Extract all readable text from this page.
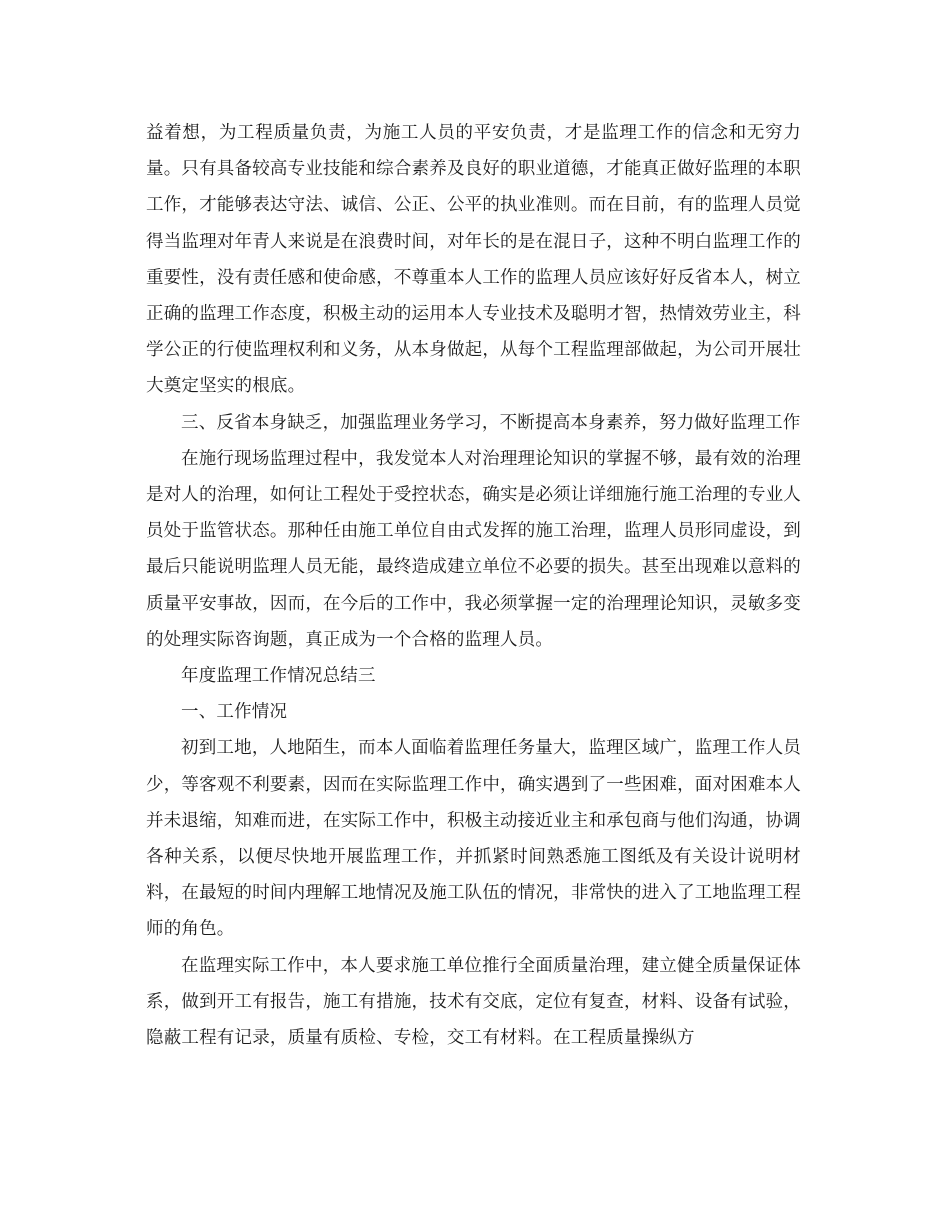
益着想，为工程质量负责，为施工人员的平安负责，才是监理工作的信念和无穷力量。只有具备较高专业技能和综合素养及良好的职业道德，才能真正做好监理的本职工作，才能够表达守法、诚信、公正、公平的执业准则。而在目前，有的监理人员觉得当监理对年青人来说是在浪费时间，对年长的是在混日子，这种不明白监理工作的重要性，没有责任感和使命感，不尊重本人工作的监理人员应该好好反省本人，树立正确的监理工作态度，积极主动的运用本人专业技术及聪明才智，热情效劳业主，科学公正的行使监理权利和义务，从本身做起，从每个工程监理部做起，为公司开展壮大奠定坚实的根底。

三、反省本身缺乏，加强监理业务学习，不断提高本身素养，努力做好监理工作

在施行现场监理过程中，我发觉本人对治理理论知识的掌握不够，最有效的治理是对人的治理，如何让工程处于受控状态，确实是必须让详细施行施工治理的专业人员处于监管状态。那种任由施工单位自由式发挥的施工治理，监理人员形同虚设，到最后只能说明监理人员无能，最终造成建立单位不必要的损失。甚至出现难以意料的质量平安事故，因而，在今后的工作中，我必须掌握一定的治理理论知识，灵敏多变的处理实际咨询题，真正成为一个合格的监理人员。

年度监理工作情况总结三

一、工作情况

初到工地，人地陌生，而本人面临着监理任务量大，监理区域广，监理工作人员少，等客观不利要素，因而在实际监理工作中，确实遇到了一些困难，面对困难本人并未退缩，知难而进，在实际工作中，积极主动接近业主和承包商与他们沟通，协调各种关系，以便尽快地开展监理工作，并抓紧时间熟悉施工图纸及有关设计说明材料，在最短的时间内理解工地情况及施工队伍的情况，非常快的进入了工地监理工程师的角色。

在监理实际工作中，本人要求施工单位推行全面质量治理，建立健全质量保证体系，做到开工有报告，施工有措施，技术有交底，定位有复查，材料、设备有试验，隐蔽工程有记录，质量有质检、专检，交工有材料。在工程质量操纵方
